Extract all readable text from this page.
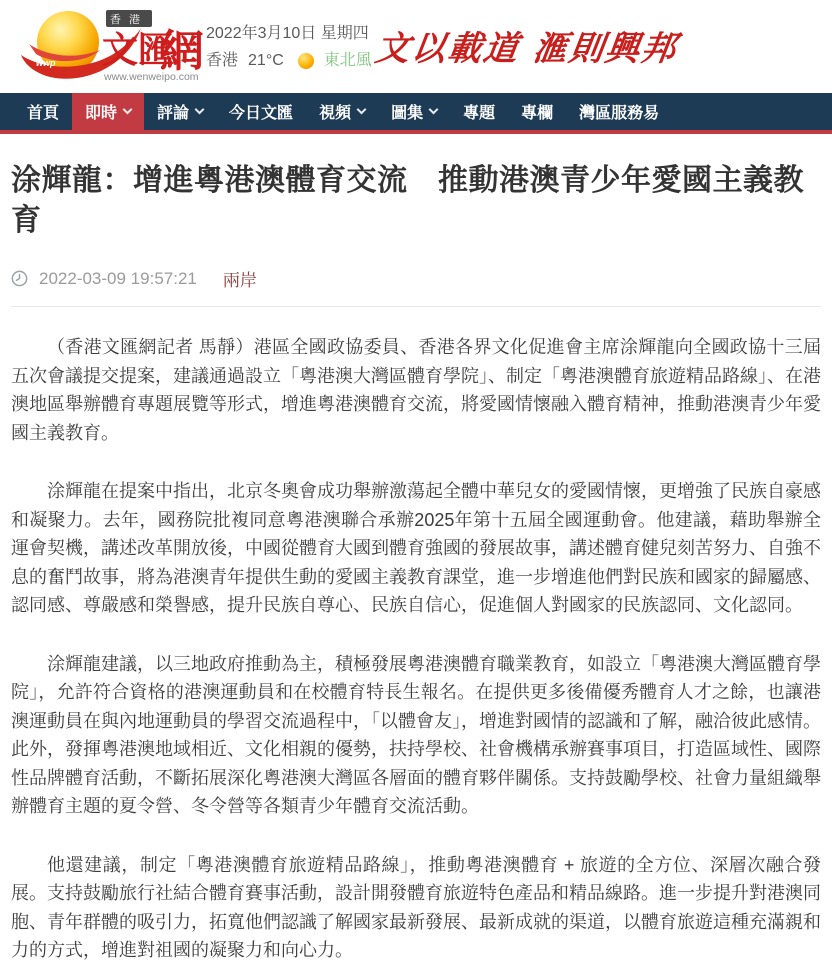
wwp
香港
文匯
網
www.wenweipo.com
2022年3月10日 星期四
香港 21°C	東北風 文以載道 滙則興邦
首頁 即時	評論	今日文匯 視頻	圖集	專題 專欄 灣區服務易
涂輝龍：增進粵港澳體育交流　推動港澳青少年愛國主義教育
2022-03-09 19:57:21 兩岸

（香港文匯網記者 馬靜）港區全國政協委員、香港各界文化促進會主席涂輝龍向全國政協十三屆五次會議提交提案，建議通過設立「粵港澳大灣區體育學院」、制定「粵港澳體育旅遊精品路線」、在港澳地區舉辦體育專題展覽等形式，增進粵港澳體育交流，將愛國情懷融入體育精神，推動港澳青少年愛國主義教育。

涂輝龍在提案中指出，北京冬奧會成功舉辦激蕩起全體中華兒女的愛國情懷，更增強了民族自豪感和凝聚力。去年，國務院批複同意粵港澳聯合承辦2025年第十五屆全國運動會。他建議，藉助舉辦全運會契機，講述改革開放後，中國從體育大國到體育強國的發展故事，講述體育健兒刻苦努力、自強不息的奮鬥故事，將為港澳青年提供生動的愛國主義教育課堂，進一步增進他們對民族和國家的歸屬感、認同感、尊嚴感和榮譽感，提升民族自尊心、民族自信心，促進個人對國家的民族認同、文化認同。

涂輝龍建議，以三地政府推動為主，積極發展粵港澳體育職業教育，如設立「粵港澳大灣區體育學院」，允許符合資格的港澳運動員和在校體育特長生報名。在提供更多後備優秀體育人才之餘，也讓港澳運動員在與內地運動員的學習交流過程中，「以體會友」，增進對國情的認識和了解，融洽彼此感情。此外，發揮粵港澳地域相近、文化相親的優勢，扶持學校、社會機構承辦賽事項目，打造區域性、國際性品牌體育活動，不斷拓展深化粵港澳大灣區各層面的體育夥伴關係。支持鼓勵學校、社會力量組織舉辦體育主題的夏令營、冬令營等各類青少年體育交流活動。

他還建議，制定「粵港澳體育旅遊精品路線」，推動粵港澳體育 + 旅遊的全方位、深層次融合發展。支持鼓勵旅行社結合體育賽事活動，設計開發體育旅遊特色產品和精品線路。進一步提升對港澳同胞、青年群體的吸引力，拓寬他們認識了解國家最新發展、最新成就的渠道，以體育旅遊這種充滿親和力的方式，增進對祖國的凝聚力和向心力。
